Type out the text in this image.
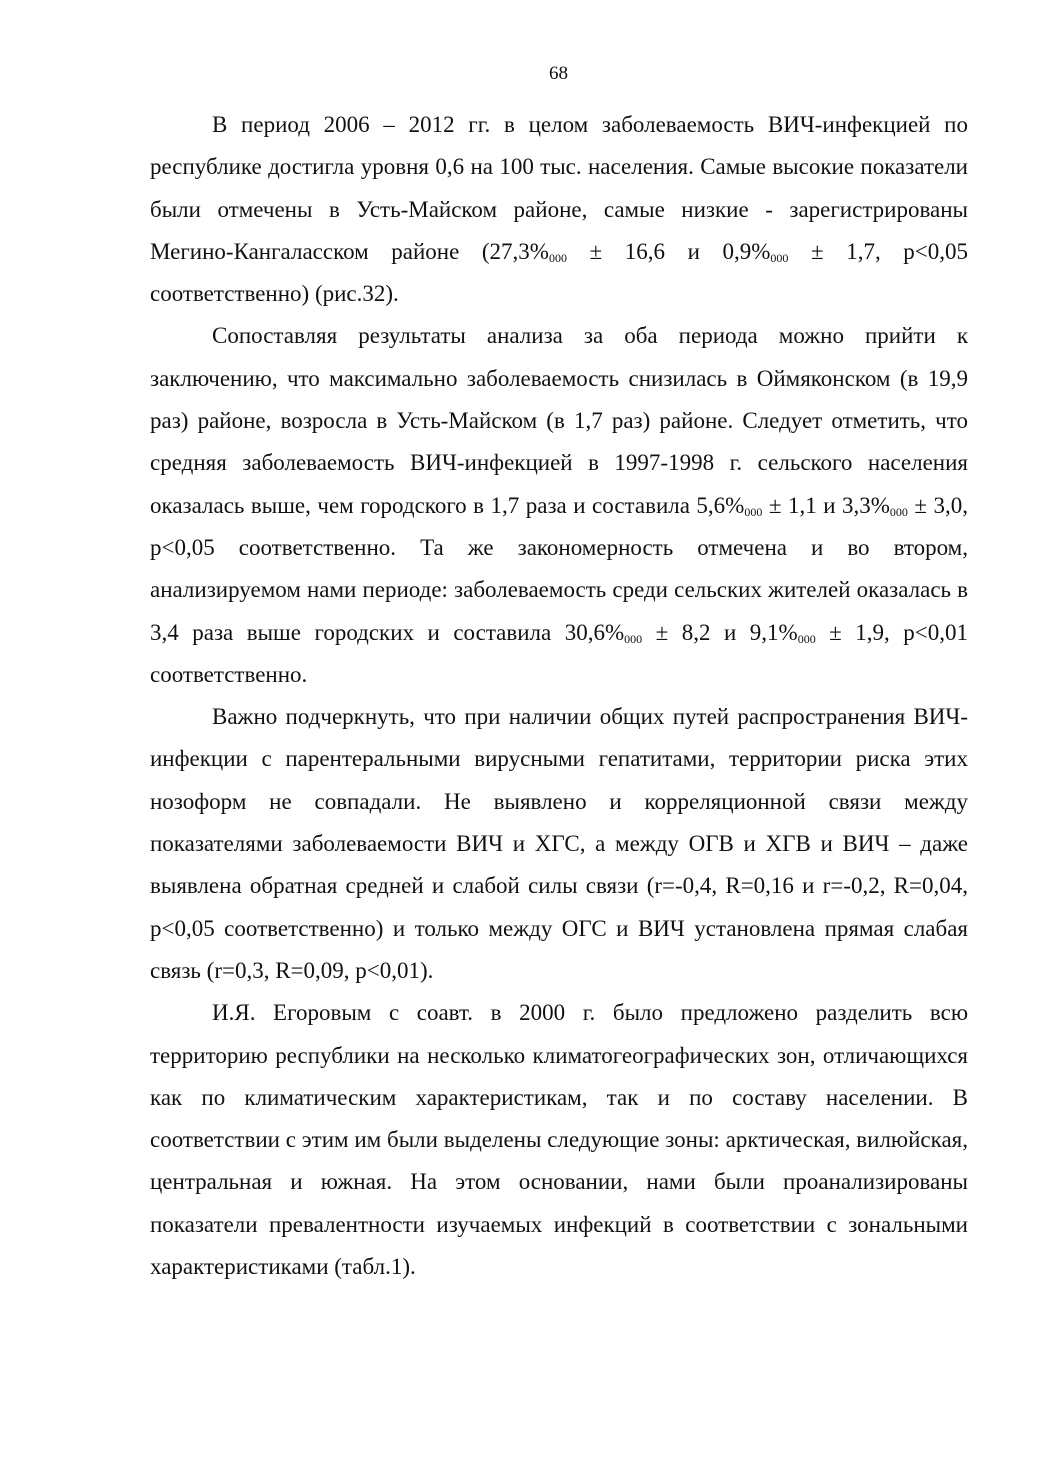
68

В период 2006 – 2012 гг. в целом заболеваемость ВИЧ-инфекцией по республике достигла уровня 0,6 на 100 тыс. населения. Самые высокие показатели были отмечены в Усть-Майском районе, самые низкие - зарегистрированы Мегино-Кангаласском районе ($27,3\%_{000} \pm 16,6$ и $0,9\%_{000} \pm 1,7$, р<0,05 соответственно) (рис.32).

Сопоставляя результаты анализа за оба периода можно прийти к заключению, что максимально заболеваемость снизилась в Оймяконском (в 19,9 раз) районе, возросла в Усть-Майском (в 1,7 раз) районе. Следует отметить, что средняя заболеваемость ВИЧ-инфекцией в 1997-1998 г. сельского населения оказалась выше, чем городского в 1,7 раза и составила $5,6\%_{000} \pm 1,1$ и $3,3\%_{000} \pm 3,0$, р<0,05 соответственно. Та же закономерность отмечена и во втором, анализируемом нами периоде: заболеваемость среди сельских жителей оказалась в 3,4 раза выше городских и составила $30,6\%_{000} \pm 8,2$ и $9,1\%_{000} \pm 1,9$, р<0,01 соответственно.

Важно подчеркнуть, что при наличии общих путей распространения ВИЧ-инфекции с парентеральными вирусными гепатитами, территории риска этих нозоформ не совпадали. Не выявлено и корреляционной связи между показателями заболеваемости ВИЧ и ХГС, а между ОГВ и ХГВ и ВИЧ – даже выявлена обратная средней и слабой силы связи (r=-0,4, R=0,16 и r=-0,2, R=0,04, р<0,05 соответственно) и только между ОГС и ВИЧ установлена прямая слабая связь (r=0,3, R=0,09, р<0,01).

И.Я. Егоровым с соавт. в 2000 г. было предложено разделить всю территорию республики на несколько климатогеографических зон, отличающихся как по климатическим характеристикам, так и по составу населении. В соответствии с этим им были выделены следующие зоны: арктическая, вилюйская, центральная и южная. На этом основании, нами были проанализированы показатели превалентности изучаемых инфекций в соответствии с зональными характеристиками (табл.1).
